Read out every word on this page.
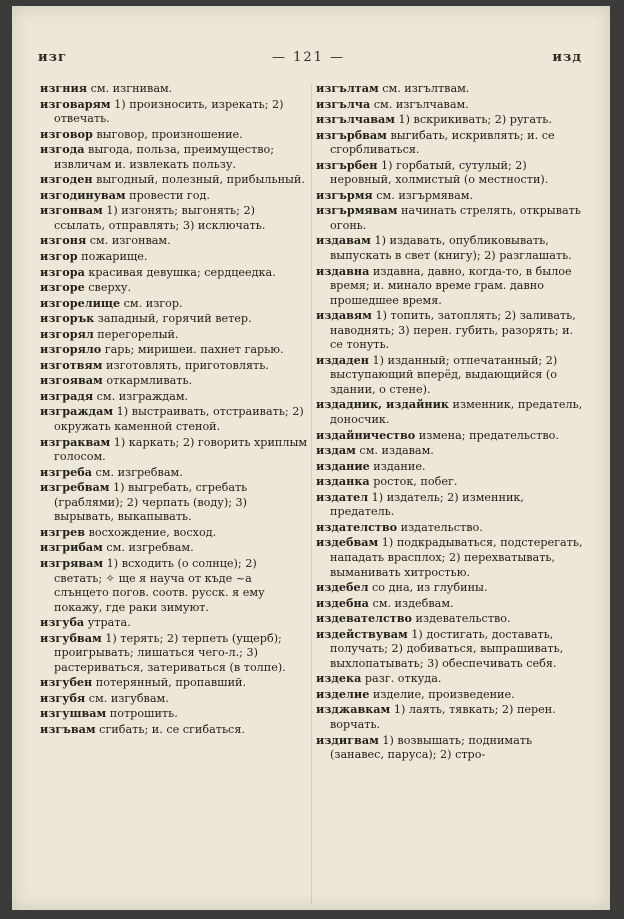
изг	— 121 —	изд

изгния см. изгнивам.

изговарям 1) произносить, изрекать; 2) отвечать.

изговор выговор, произношение.

изгода выгода, польза, преимущество; извличам и. извлекать пользу.

изгоден выгодный, полезный, прибыльный.

изгодинувам провести год.

изгонвам 1) изгонять; выгонять; 2) ссылать, отправлять; 3) исключать.

изгоня см. изгонвам.

изгор пожарище.

изгора красивая девушка; сердцеедка.

изгоре сверху.

изгорелище см. изгор.

изгорък западный, горячий ветер.

изгорял перегорелый.

изгоряло гарь; миришеи. пахнет гарью.

изготвям изготовлять, приготовлять.

изгоявам откармливать.

изградя см. изграждам.

изграждам 1) выстраивать, отстраивать; 2) окружать каменной стеной.

изграквам 1) каркать; 2) говорить хриплым голосом.

изгреба см. изгребвам.

изгребвам 1) выгребать, сгребать (граблями); 2) черпать (воду); 3) вырывать, выкапывать.

изгрев восхождение, восход.

изгрибам см. изгребвам.

изгрявам 1) всходить (о солнце); 2) светать; ✧ ще я науча от къде ~а слънцето погов. соотв. русск. я ему покажу, где раки зимуют.

изгуба утрата.

изгубвам 1) терять; 2) терпеть (ущерб); проигрывать; лишаться чего-л.; 3) растериваться, затериваться (в толпе).

изгубен потерянный, пропавший.

изгубя см. изгубвам.

изгушвам потрошить.

изгъвам сгибать; и. се сгибаться.

изгълтам см. изгълтвам.

изгълча см. изгълчавам.

изгълчавам 1) вскрикивать; 2) ругать.

изгърбвам выгибать, искривлять; и. се сгорбливаться.

изгърбен 1) горбатый, сутулый; 2) неровный, холмистый (о местности).

изгърмя см. изгърмявам.

изгърмявам начинать стрелять, открывать огонь.

издавам 1) издавать, опубликовывать, выпускать в свет (книгу); 2) разглашать.

издавна издавна, давно, когда-то, в былое время; и. минало време грам. давно прошедшее время.

издавям 1) топить, затоплять; 2) заливать, наводнять; 3) перен. губить, разорять; и. се тонуть.

издаден 1) изданный; отпечатанный; 2) выступающий вперёд, выдающийся (о здании, о стене).

издадник, издайник изменник, предатель, доносчик.

издайничество измена; предательство.

издам см. издавам.

издание издание.

изданка росток, побег.

издател 1) издатель; 2) изменник, предатель.

издателство издательство.

издебвам 1) подкрадываться, подстерегать, нападать врасплох; 2) перехватывать, выманивать хитростью.

издебел со дна, из глубины.

издебна см. издебвам.

издевателство издевательство.

издействувам 1) достигать, доставать, получать; 2) добиваться, выпрашивать, выхлопатывать; 3) обеспечивать себя.

издека разг. откуда.

изделие изделие, произведение.

изджавкам 1) лаять, тявкать; 2) перен. ворчать.

издигвам 1) возвышать; поднимать (занавес, паруса); 2) стро-
